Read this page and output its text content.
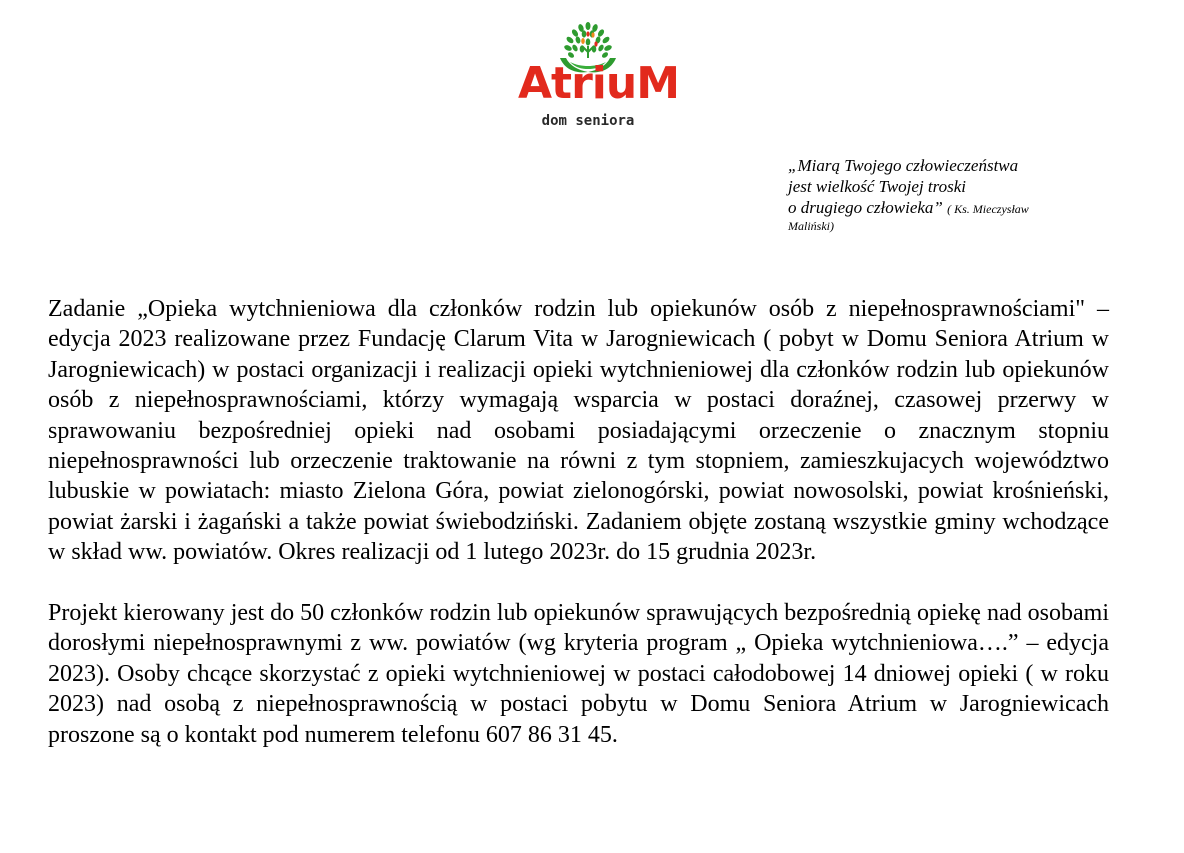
AtriuM
dom seniora
„Miarą Twojego człowieczeństwa
jest wielkość Twojej troski
o drugiego człowieka” ( Ks. Mieczysław
Maliński)

Zadanie „Opieka wytchnieniowa dla członków rodzin lub opiekunów osób z niepełnosprawnościami" – edycja 2023 realizowane przez Fundację Clarum Vita w Jarogniewicach ( pobyt w Domu Seniora Atrium w Jarogniewicach) w postaci organizacji i realizacji opieki wytchnieniowej dla członków rodzin lub opiekunów osób z niepełnosprawnościami, którzy wymagają wsparcia w postaci doraźnej, czasowej przerwy w sprawowaniu bezpośredniej opieki nad osobami posiadającymi orzeczenie o znacznym stopniu niepełnosprawności lub orzeczenie traktowanie na równi z tym stopniem, zamieszkujacych województwo lubuskie w powiatach: miasto Zielona Góra, powiat zielonogórski, powiat nowosolski, powiat krośnieński, powiat żarski i żagański a także powiat świebodziński. Zadaniem objęte zostaną wszystkie gminy wchodzące w skład ww. powiatów. Okres realizacji od 1 lutego 2023r. do 15 grudnia 2023r.

Projekt kierowany jest do 50 członków rodzin lub opiekunów sprawujących bezpośrednią opiekę nad osobami dorosłymi niepełnosprawnymi z ww. powiatów (wg kryteria program „ Opieka wytchnieniowa….” – edycja 2023). Osoby chcące skorzystać z opieki wytchnieniowej w postaci całodobowej 14 dniowej opieki ( w roku 2023) nad osobą z niepełnosprawnością w postaci pobytu w Domu Seniora Atrium w Jarogniewicach proszone są o kontakt pod numerem telefonu 607 86 31 45.
